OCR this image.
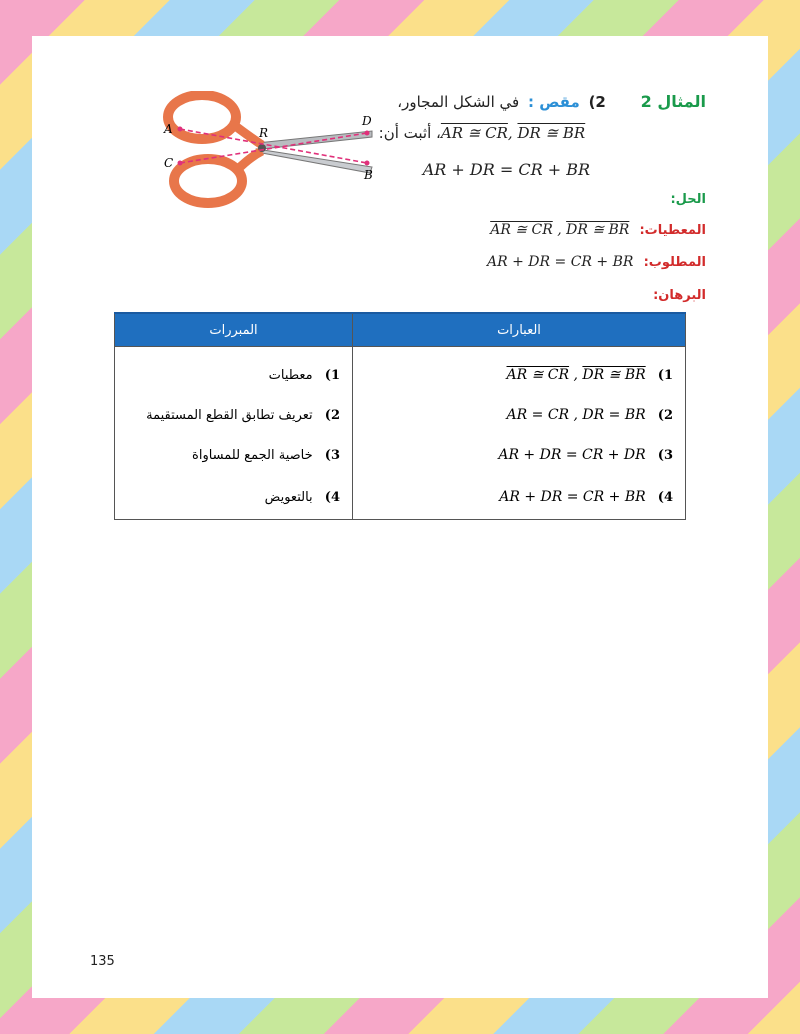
A	R
D
C
B
المثال 2 2) مقص : في الشكل المجاور،
AR ≅ CR, DR ≅ BR ، أثبت أن:
AR + DR = CR + BR
الحل:
المعطيات: AR ≅ CR , DR ≅ BR
المطلوب: AR + DR = CR + BR
البرهان:
العبارات	المبررات
1) AR ≅ CR , DR ≅ BR	1) معطيات
2) AR = CR , DR = BR	2) تعريف تطابق القطع المستقيمة
3) AR + DR = CR + DR	3) خاصية الجمع للمساواة
4) AR + DR = CR + BR	4) بالتعويض
135
